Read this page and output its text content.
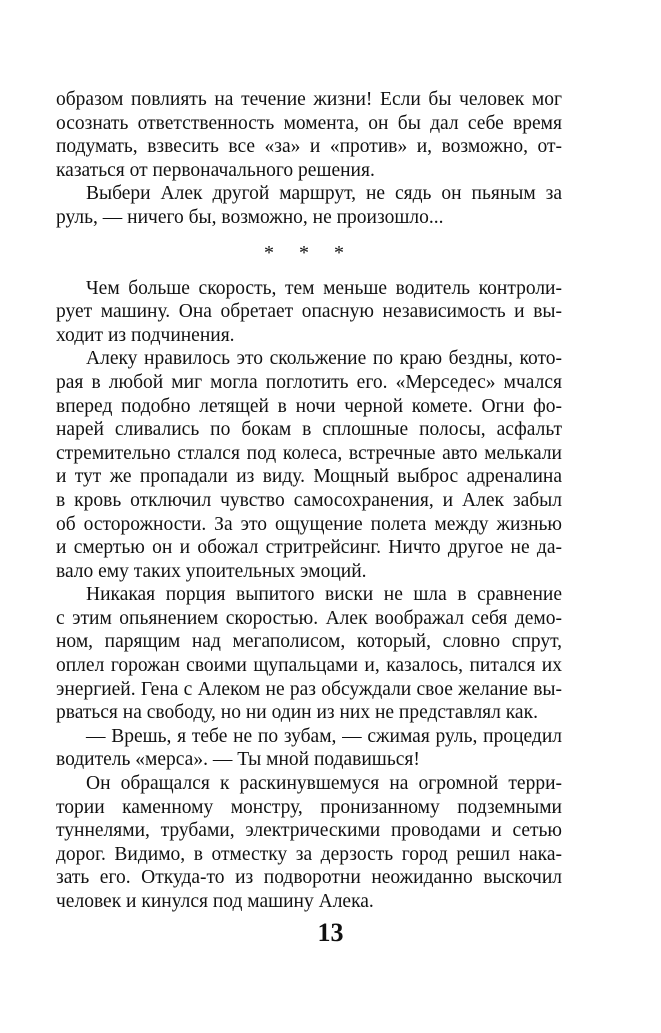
образом повлиять на течение жизни! Если бы человек мог
осознать ответственность момента, он бы дал себе время
подумать, взвесить все «за» и «против» и, возможно, от-
казаться от первоначального решения.
Выбери Алек другой маршрут, не сядь он пьяным за
руль, — ничего бы, возможно, не произошло...
* * *
Чем больше скорость, тем меньше водитель контроли-
рует машину. Она обретает опасную независимость и вы-
ходит из подчинения.
Алеку нравилось это скольжение по краю бездны, кото-
рая в любой миг могла поглотить его. «Мерседес» мчался
вперед подобно летящей в ночи черной комете. Огни фо-
нарей сливались по бокам в сплошные полосы, асфальт
стремительно стлался под колеса, встречные авто мелькали
и тут же пропадали из виду. Мощный выброс адреналина
в кровь отключил чувство самосохранения, и Алек забыл
об осторожности. За это ощущение полета между жизнью
и смертью он и обожал стритрейсинг. Ничто другое не да-
вало ему таких упоительных эмоций.
Никакая порция выпитого виски не шла в сравнение
с этим опьянением скоростью. Алек воображал себя демо-
ном, парящим над мегаполисом, который, словно спрут,
оплел горожан своими щупальцами и, казалось, питался их
энергией. Гена с Алеком не раз обсуждали свое желание вы-
рваться на свободу, но ни один из них не представлял как.
— Врешь, я тебе не по зубам, — сжимая руль, процедил
водитель «мерса». — Ты мной подавишься!
Он обращался к раскинувшемуся на огромной терри-
тории каменному монстру, пронизанному подземными
туннелями, трубами, электрическими проводами и сетью
дорог. Видимо, в отместку за дерзость город решил нака-
зать его. Откуда-то из подворотни неожиданно выскочил
человек и кинулся под машину Алека.
13
